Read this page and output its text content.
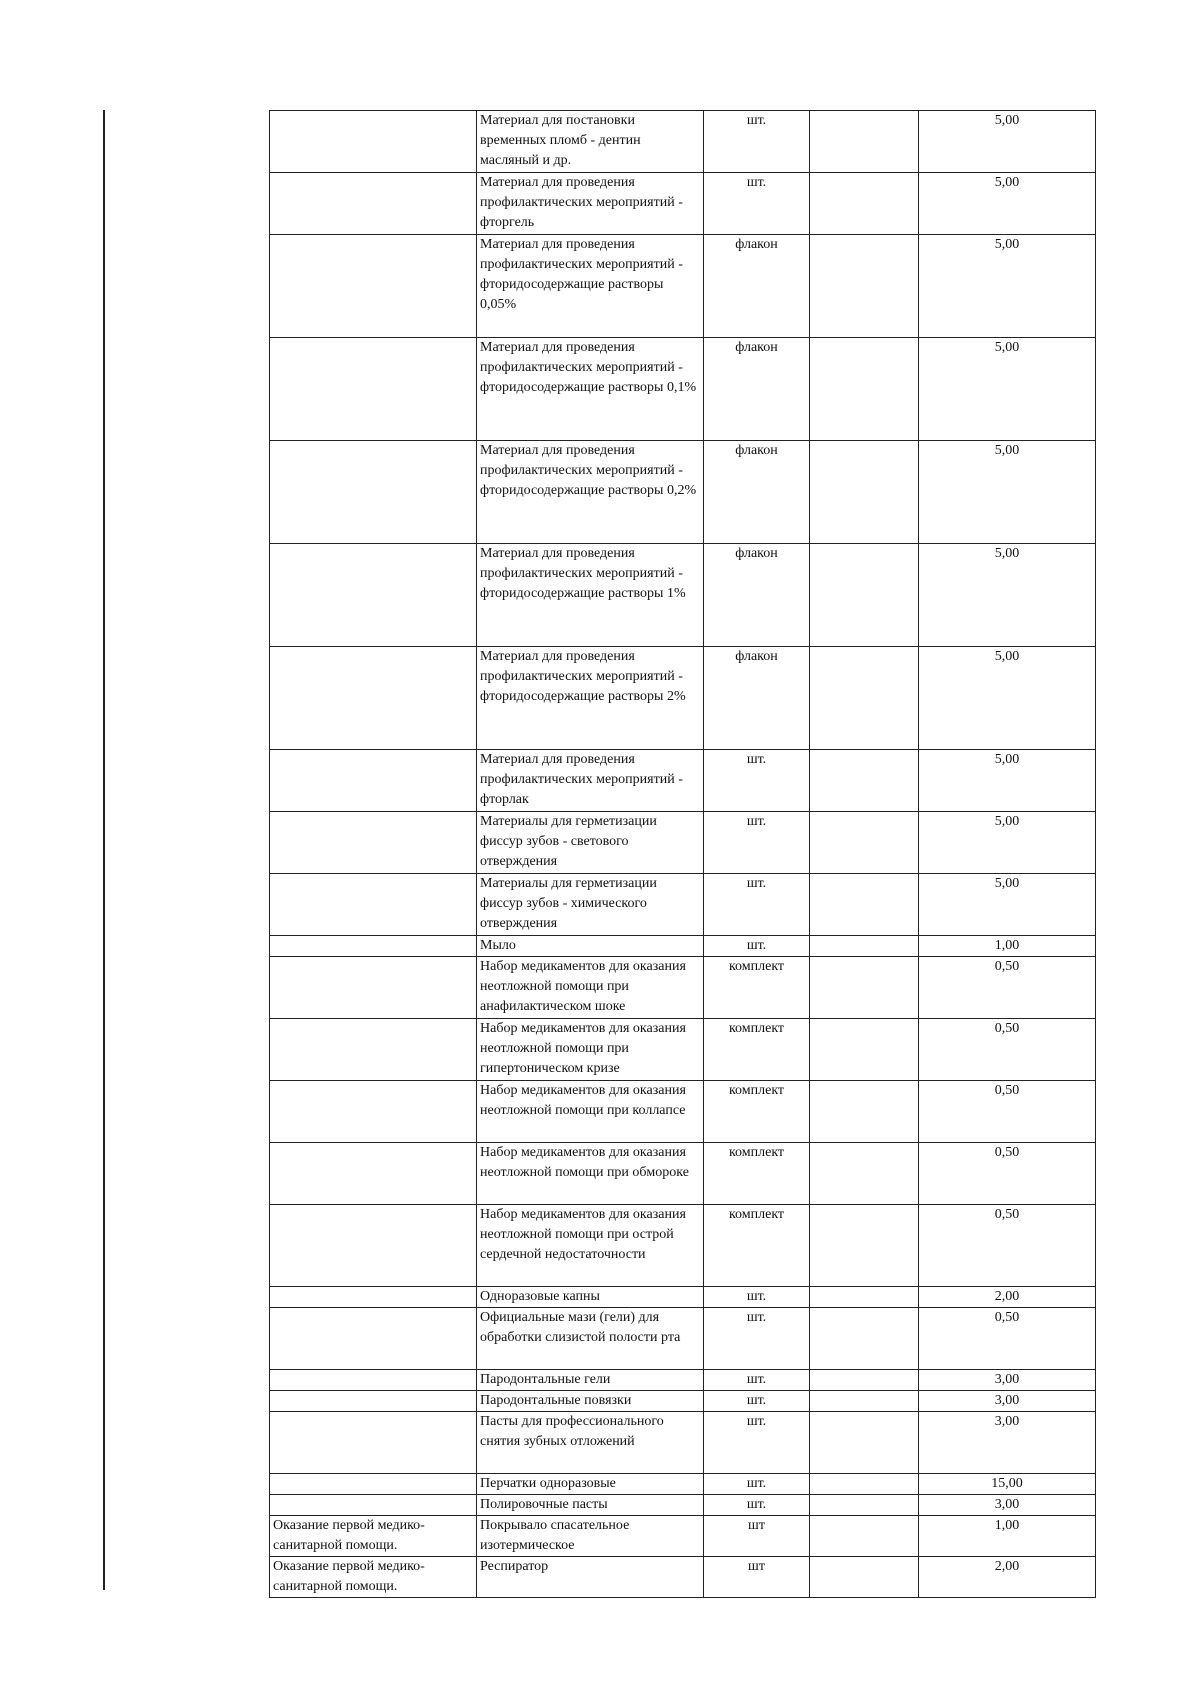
	Материал для постановки временных пломб - дентин масляный и др.	шт.		5,00
	Материал для проведения профилактических мероприятий - фторгель	шт.		5,00
	Материал для проведения профилактических мероприятий - фторидосодержащие растворы 0,05%	флакон		5,00
	Материал для проведения профилактических мероприятий - фторидосодержащие растворы 0,1%	флакон		5,00
	Материал для проведения профилактических мероприятий - фторидосодержащие растворы 0,2%	флакон		5,00
	Материал для проведения профилактических мероприятий - фторидосодержащие растворы 1%	флакон		5,00
	Материал для проведения профилактических мероприятий - фторидосодержащие растворы 2%	флакон		5,00
	Материал для проведения профилактических мероприятий - фторлак	шт.		5,00
	Материалы для герметизации фиссур зубов - светового отверждения	шт.		5,00
	Материалы для герметизации фиссур зубов - химического отверждения	шт.		5,00
	Мыло	шт.		1,00
	Набор медикаментов для оказания неотложной помощи при анафилактическом шоке	комплект		0,50
	Набор медикаментов для оказания неотложной помощи при гипертоническом кризе	комплект		0,50
	Набор медикаментов для оказания неотложной помощи при коллапсе	комплект		0,50
	Набор медикаментов для оказания неотложной помощи при обмороке	комплект		0,50
	Набор медикаментов для оказания неотложной помощи при острой сердечной недостаточности	комплект		0,50
	Одноразовые капны	шт.		2,00
	Официальные мази (гели) для обработки слизистой полости рта	шт.		0,50
	Пародонтальные гели	шт.		3,00
	Пародонтальные повязки	шт.		3,00
	Пасты для профессионального снятия зубных отложений	шт.		3,00
	Перчатки одноразовые	шт.		15,00
	Полировочные пасты	шт.		3,00
Оказание первой медико-санитарной помощи.	Покрывало спасательное изотермическое	шт		1,00
Оказание первой медико-санитарной помощи.	Респиратор	шт		2,00
